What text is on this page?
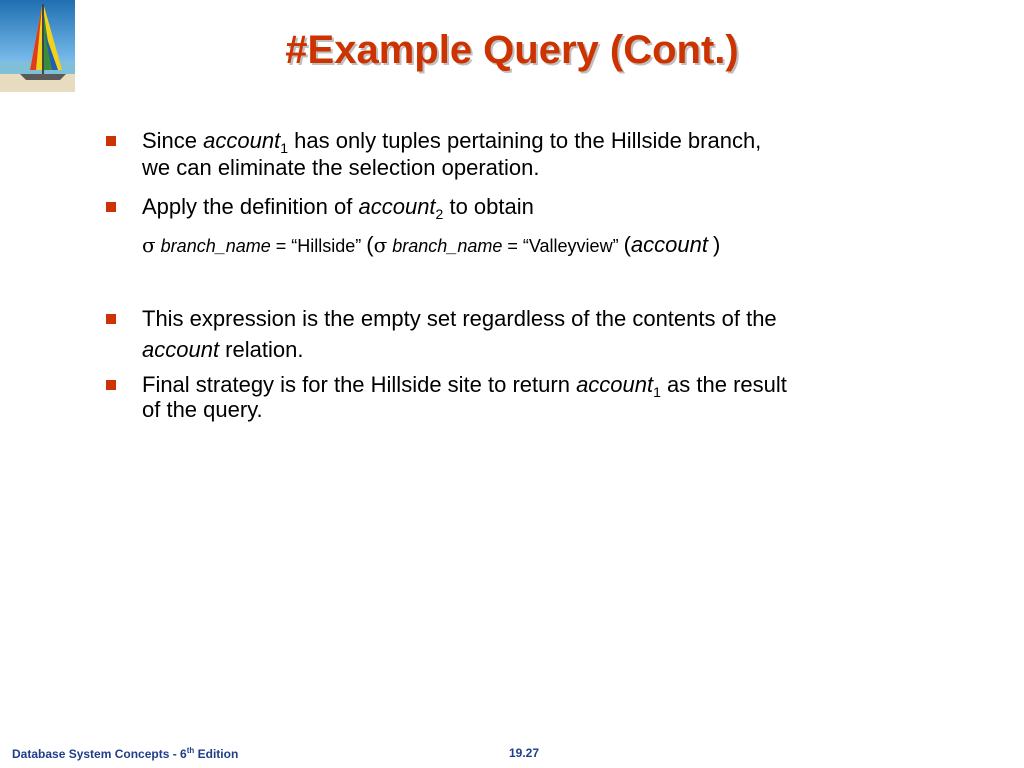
#Example Query (Cont.)
Since account$_1$ has only tuples pertaining to the Hillside branch,
we can eliminate the selection operation.
Apply the definition of account$_2$ to obtain
σ branch_name = “Hillside” (σ branch_name = “Valleyview” (account )
This expression is the empty set regardless of the contents of the
account relation.
Final strategy is for the Hillside site to return account$_1$ as the result
of the query.
Database System Concepts - 6th Edition	19.27
